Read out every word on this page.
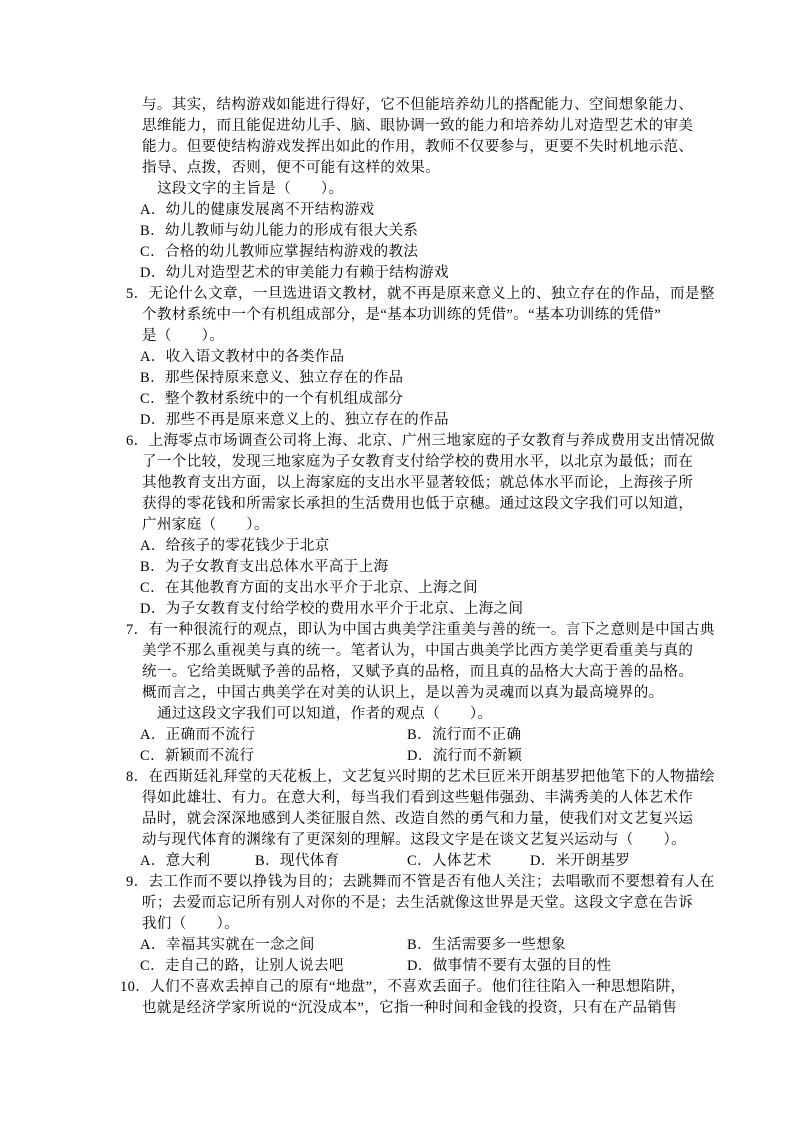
与。其实，结构游戏如能进行得好，它不但能培养幼儿的搭配能力、空间想象能力、
思维能力，而且能促进幼儿手、脑、眼协调一致的能力和培养幼儿对造型艺术的审美
能力。但要使结构游戏发挥出如此的作用，教师不仅要参与，更要不失时机地示范、
指导、点拨，否则，便不可能有这样的效果。
这段文字的主旨是（　　）。
A．幼儿的健康发展离不开结构游戏
B．幼儿教师与幼儿能力的形成有很大关系
C．合格的幼儿教师应掌握结构游戏的教法
D．幼儿对造型艺术的审美能力有赖于结构游戏
5．无论什么文章，一旦选进语文教材，就不再是原来意义上的、独立存在的作品，而是整
个教材系统中一个有机组成部分，是“基本功训练的凭借”。“基本功训练的凭借”
是（　　）。
A．收入语文教材中的各类作品
B．那些保持原来意义、独立存在的作品
C．整个教材系统中的一个有机组成部分
D．那些不再是原来意义上的、独立存在的作品
6．上海零点市场调查公司将上海、北京、广州三地家庭的子女教育与养成费用支出情况做
了一个比较，发现三地家庭为子女教育支付给学校的费用水平，以北京为最低；而在
其他教育支出方面，以上海家庭的支出水平显著较低；就总体水平而论，上海孩子所
获得的零花钱和所需家长承担的生活费用也低于京穗。通过这段文字我们可以知道，
广州家庭（　　）。
A．给孩子的零花钱少于北京
B．为子女教育支出总体水平高于上海
C．在其他教育方面的支出水平介于北京、上海之间
D．为子女教育支付给学校的费用水平介于北京、上海之间
7．有一种很流行的观点，即认为中国古典美学注重美与善的统一。言下之意则是中国古典
美学不那么重视美与真的统一。笔者认为，中国古典美学比西方美学更看重美与真的
统一。它给美既赋予善的品格，又赋予真的品格，而且真的品格大大高于善的品格。
概而言之，中国古典美学在对美的认识上，是以善为灵魂而以真为最高境界的。
通过这段文字我们可以知道，作者的观点（　　）。
A．正确而不流行	B．流行而不正确
C．新颖而不流行	D．流行而不新颖
8．在西斯廷礼拜堂的天花板上，文艺复兴时期的艺术巨匠米开朗基罗把他笔下的人物描绘
得如此雄壮、有力。在意大利，每当我们看到这些魁伟强劲、丰满秀美的人体艺术作
品时，就会深深地感到人类征服自然、改造自然的勇气和力量，使我们对文艺复兴运
动与现代体育的渊缘有了更深刻的理解。这段文字是在谈文艺复兴运动与（　　）。
A．意大利	B．现代体育	C．人体艺术	D．米开朗基罗
9．去工作而不要以挣钱为目的；去跳舞而不管是否有他人关注；去唱歌而不要想着有人在
听；去爱而忘记所有别人对你的不是；去生活就像这世界是天堂。这段文字意在告诉
我们（　　）。
A．幸福其实就在一念之间	B．生活需要多一些想象
C．走自己的路，让别人说去吧	D．做事情不要有太强的目的性
10．人们不喜欢丢掉自己的原有“地盘”，不喜欢丢面子。他们往往陷入一种思想陷阱，
也就是经济学家所说的“沉没成本”，它指一种时间和金钱的投资，只有在产品销售
